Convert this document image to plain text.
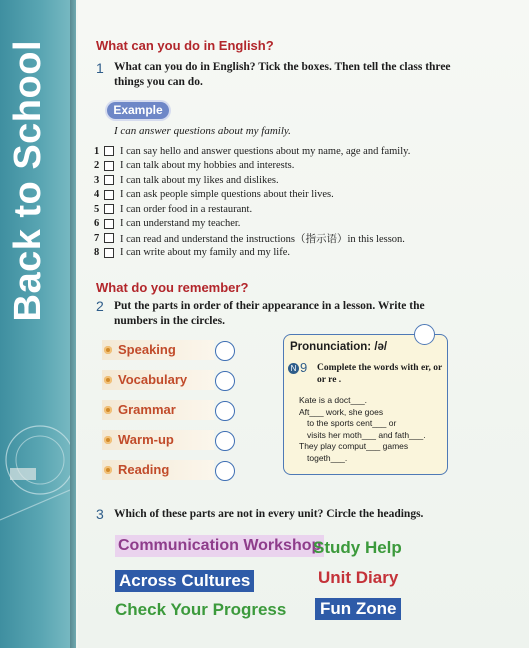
Back to School	What can you do in English?
1 What can you do in English? Tick the boxes. Then tell the class three things you can do.
Example
I can answer questions about my family.
1	I can say hello and answer questions about my name, age and family.
2	I can talk about my hobbies and interests.
3	I can talk about my likes and dislikes.
4	I can ask people simple questions about their lives.
5	I can order food in a restaurant.
6	I can understand my teacher.
7	I can read and understand the instructions（指示语）in this lesson.
8	I can write about my family and my life.
What do you remember?
2 Put the parts in order of their appearance in a lesson. Write the numbers in the circles.
Speaking
Vocabulary
Grammar
Warm-up
Reading
Pronunciation: /ə/
N 9 Complete the words with er, or or re .
Kate is a doct___.
Aft___ work, she goes
to the sports cent___ or
visits her moth___ and fath___.
They play comput___ games
togeth___.
3 Which of these parts are not in every unit? Circle the headings.
Communication Workshop
Study Help
Across Cultures	Unit Diary
Check Your Progress Fun Zone
